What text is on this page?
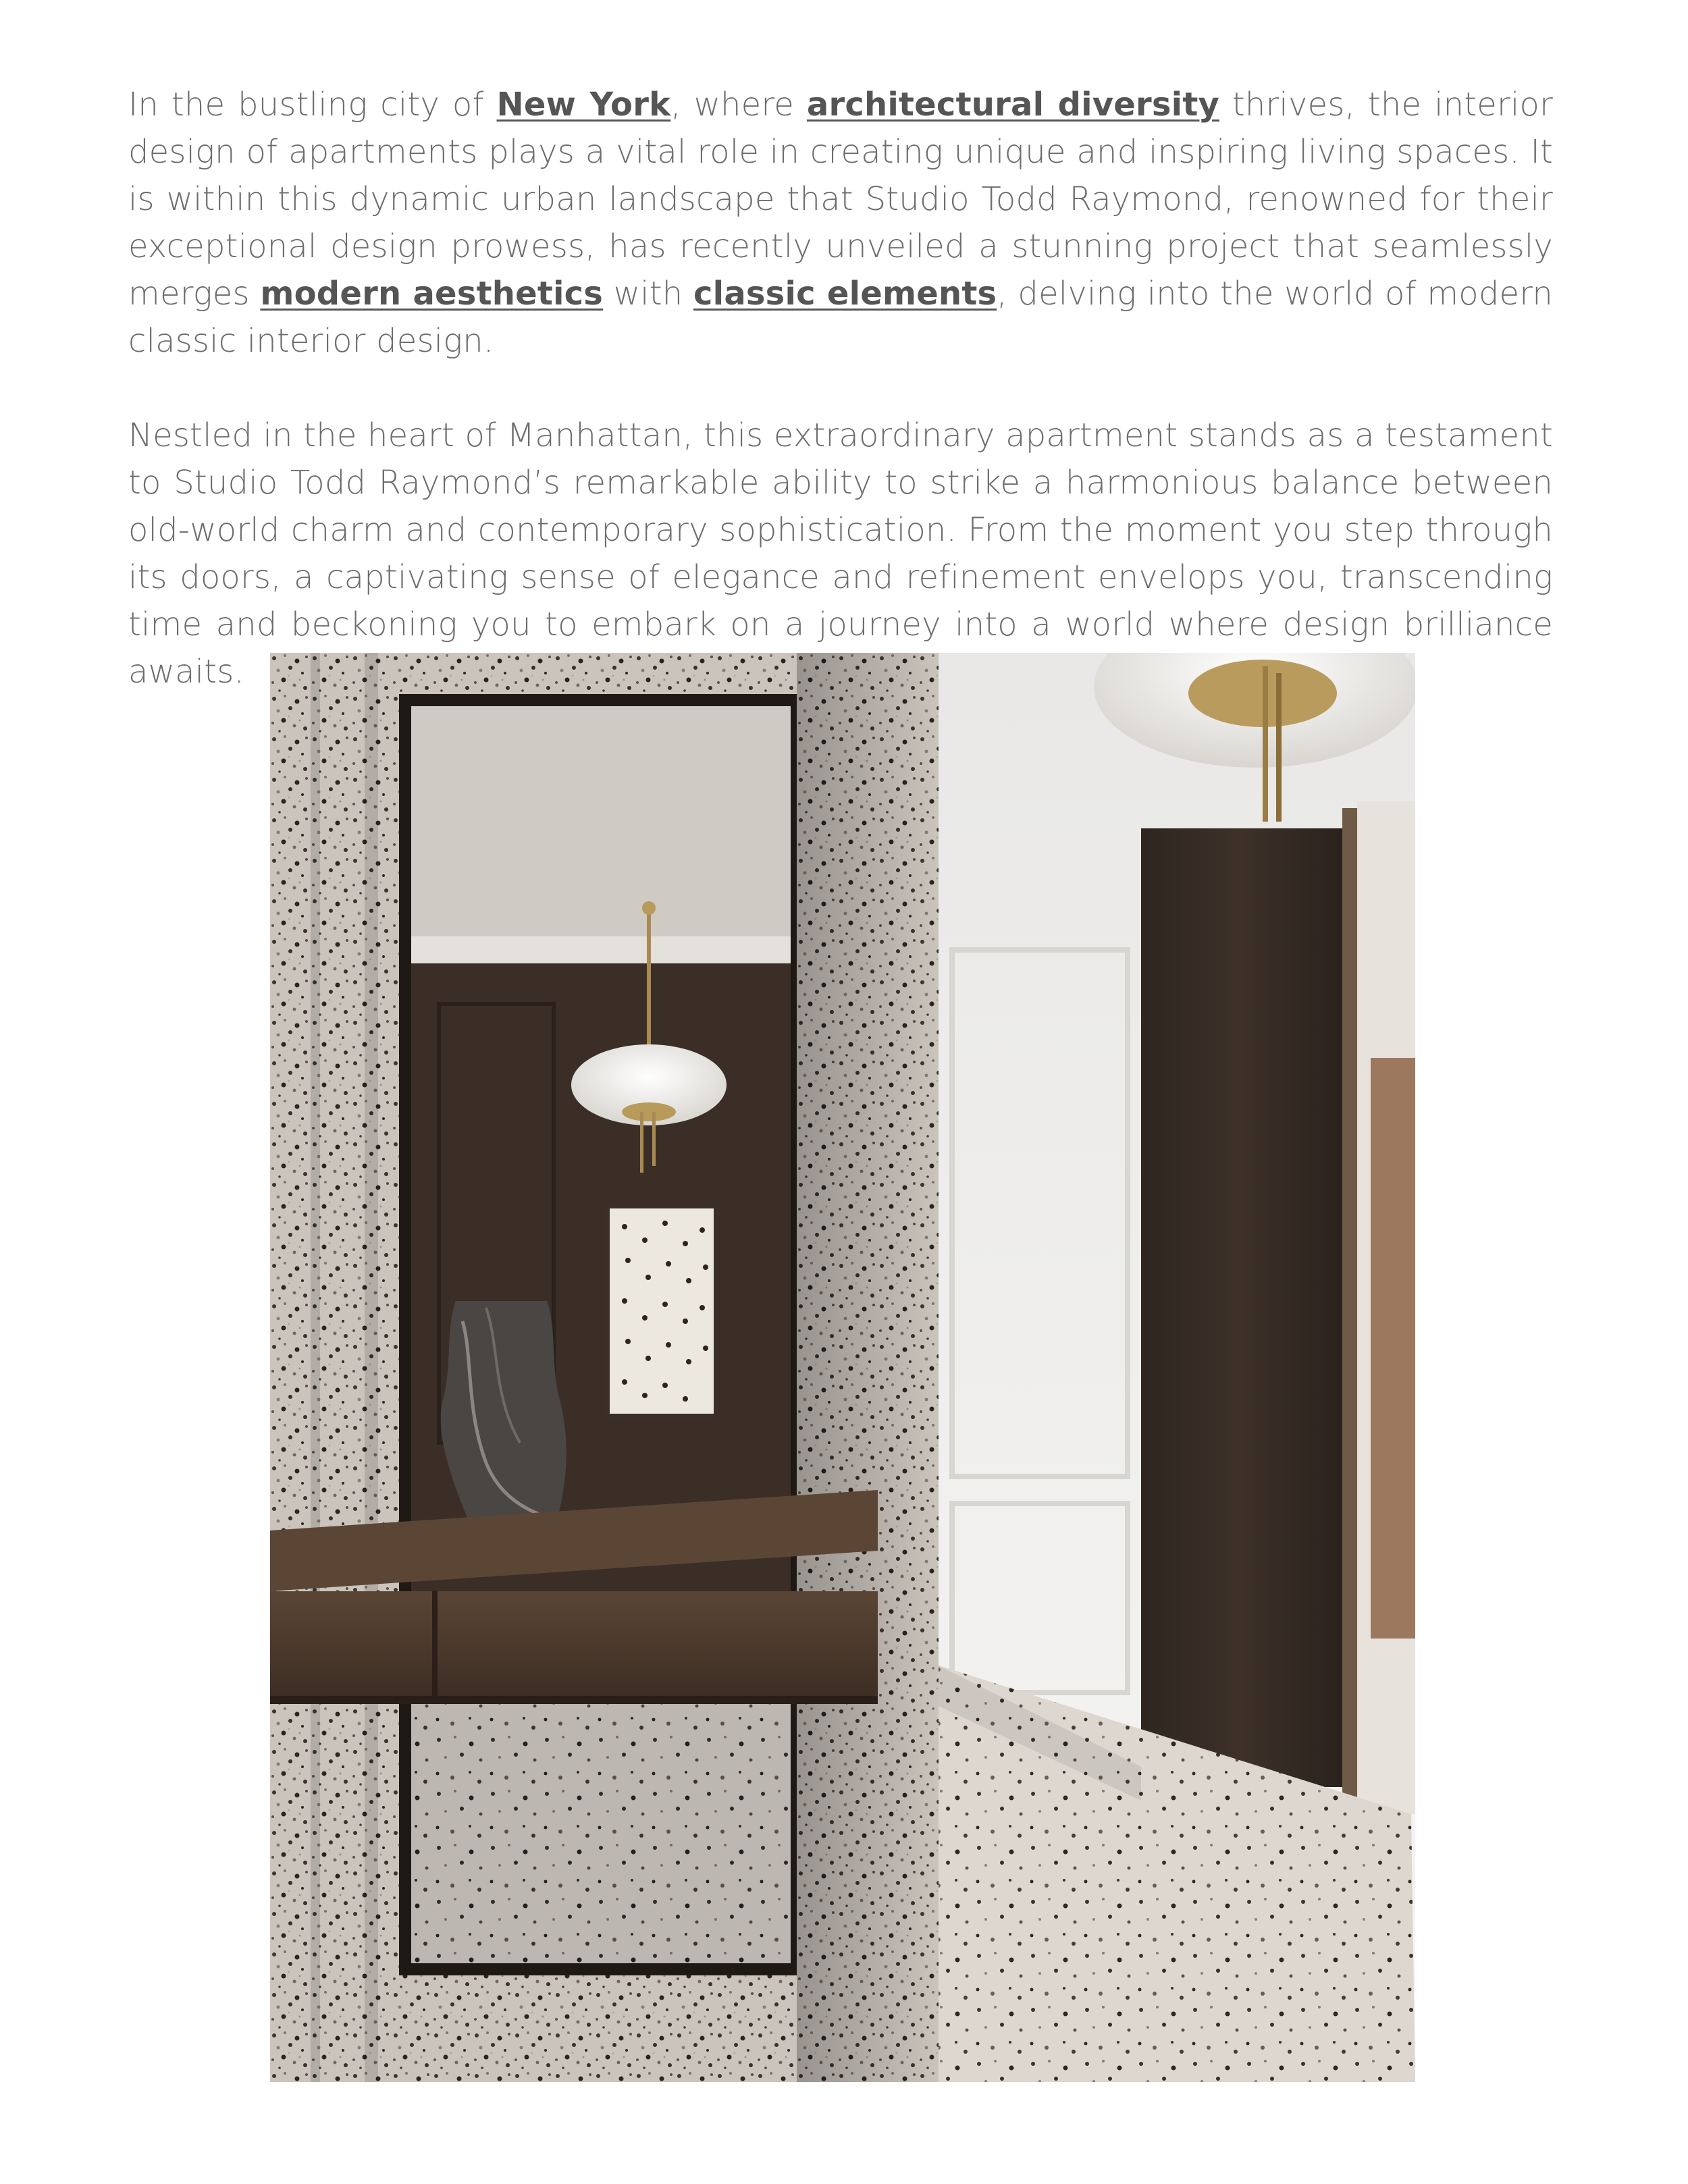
In the bustling city of New York, where architectural diversity thrives, the interior design of apartments plays a vital role in creating unique and inspiring living spaces. It is within this dynamic urban landscape that Studio Todd Raymond, renowned for their exceptional design prowess, has recently unveiled a stunning project that seamlessly merges modern aesthetics with classic elements, delving into the world of modern classic interior design.

Nestled in the heart of Manhattan, this extraordinary apartment stands as a testament to Studio Todd Raymond’s remarkable ability to strike a harmonious balance between old-world charm and contemporary sophistication. From the moment you step through its doors, a captivating sense of elegance and refinement envelops you, transcending time and beckoning you to embark on a journey into a world where design brilliance awaits.
